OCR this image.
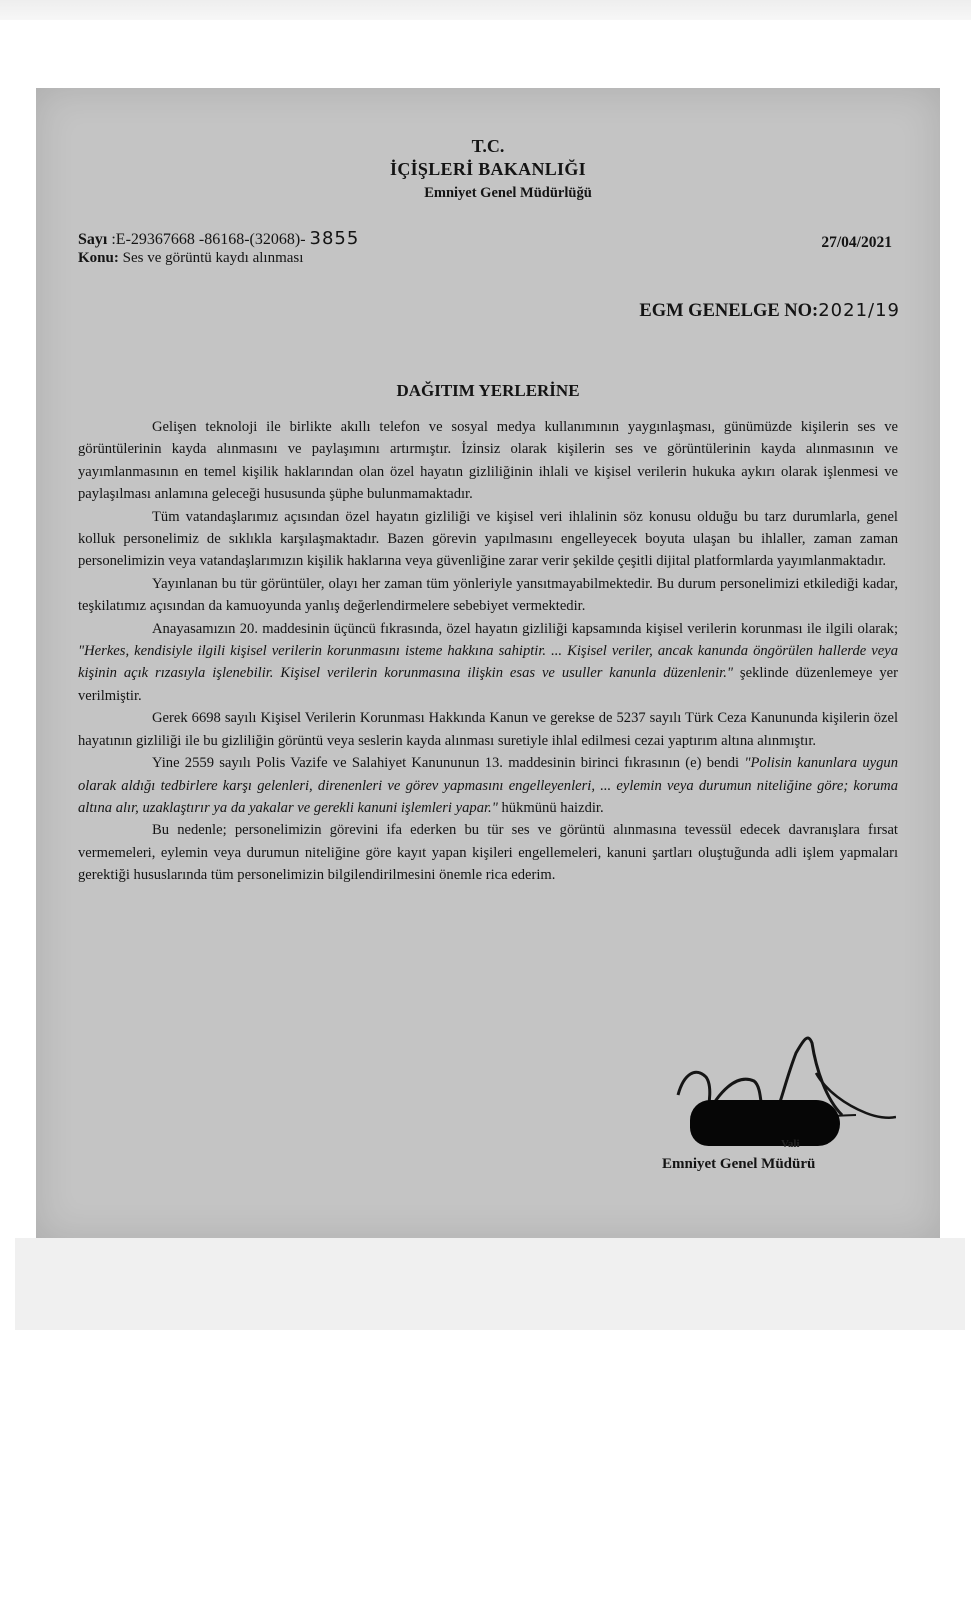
T.C.
İÇİŞLERİ BAKANLIĞI
Emniyet Genel Müdürlüğü
Sayı :E-29367668 -86168-(32068)- 3855
Konu: Ses ve görüntü kaydı alınması
27/04/2021
EGM GENELGE NO:2021/19
DAĞITIM YERLERİNE

Gelişen teknoloji ile birlikte akıllı telefon ve sosyal medya kullanımının yaygınlaşması, günümüzde kişilerin ses ve görüntülerinin kayda alınmasını ve paylaşımını artırmıştır. İzinsiz olarak kişilerin ses ve görüntülerinin kayda alınmasının ve yayımlanmasının en temel kişilik haklarından olan özel hayatın gizliliğinin ihlali ve kişisel verilerin hukuka aykırı olarak işlenmesi ve paylaşılması anlamına geleceği hususunda şüphe bulunmamaktadır.

Tüm vatandaşlarımız açısından özel hayatın gizliliği ve kişisel veri ihlalinin söz konusu olduğu bu tarz durumlarla, genel kolluk personelimiz de sıklıkla karşılaşmaktadır. Bazen görevin yapılmasını engelleyecek boyuta ulaşan bu ihlaller, zaman zaman personelimizin veya vatandaşlarımızın kişilik haklarına veya güvenliğine zarar verir şekilde çeşitli dijital platformlarda yayımlanmaktadır.

Yayınlanan bu tür görüntüler, olayı her zaman tüm yönleriyle yansıtmayabilmektedir. Bu durum personelimizi etkilediği kadar, teşkilatımız açısından da kamuoyunda yanlış değerlendirmelere sebebiyet vermektedir.

Anayasamızın 20. maddesinin üçüncü fıkrasında, özel hayatın gizliliği kapsamında kişisel verilerin korunması ile ilgili olarak; "Herkes, kendisiyle ilgili kişisel verilerin korunmasını isteme hakkına sahiptir. ... Kişisel veriler, ancak kanunda öngörülen hallerde veya kişinin açık rızasıyla işlenebilir. Kişisel verilerin korunmasına ilişkin esas ve usuller kanunla düzenlenir." şeklinde düzenlemeye yer verilmiştir.

Gerek 6698 sayılı Kişisel Verilerin Korunması Hakkında Kanun ve gerekse de 5237 sayılı Türk Ceza Kanununda kişilerin özel hayatının gizliliği ile bu gizliliğin görüntü veya seslerin kayda alınması suretiyle ihlal edilmesi cezai yaptırım altına alınmıştır.

Yine 2559 sayılı Polis Vazife ve Salahiyet Kanununun 13. maddesinin birinci fıkrasının (e) bendi "Polisin kanunlara uygun olarak aldığı tedbirlere karşı gelenleri, direnenleri ve görev yapmasını engelleyenleri, ... eylemin veya durumun niteliğine göre; koruma altına alır, uzaklaştırır ya da yakalar ve gerekli kanuni işlemleri yapar." hükmünü haizdir.

Bu nedenle; personelimizin görevini ifa ederken bu tür ses ve görüntü alınmasına tevessül edecek davranışlara fırsat vermemeleri, eylemin veya durumun niteliğine göre kayıt yapan kişileri engellemeleri, kanuni şartları oluştuğunda adli işlem yapmaları gerektiği hususlarında tüm personelimizin bilgilendirilmesini önemle rica ederim.

Vali
Emniyet Genel Müdürü
